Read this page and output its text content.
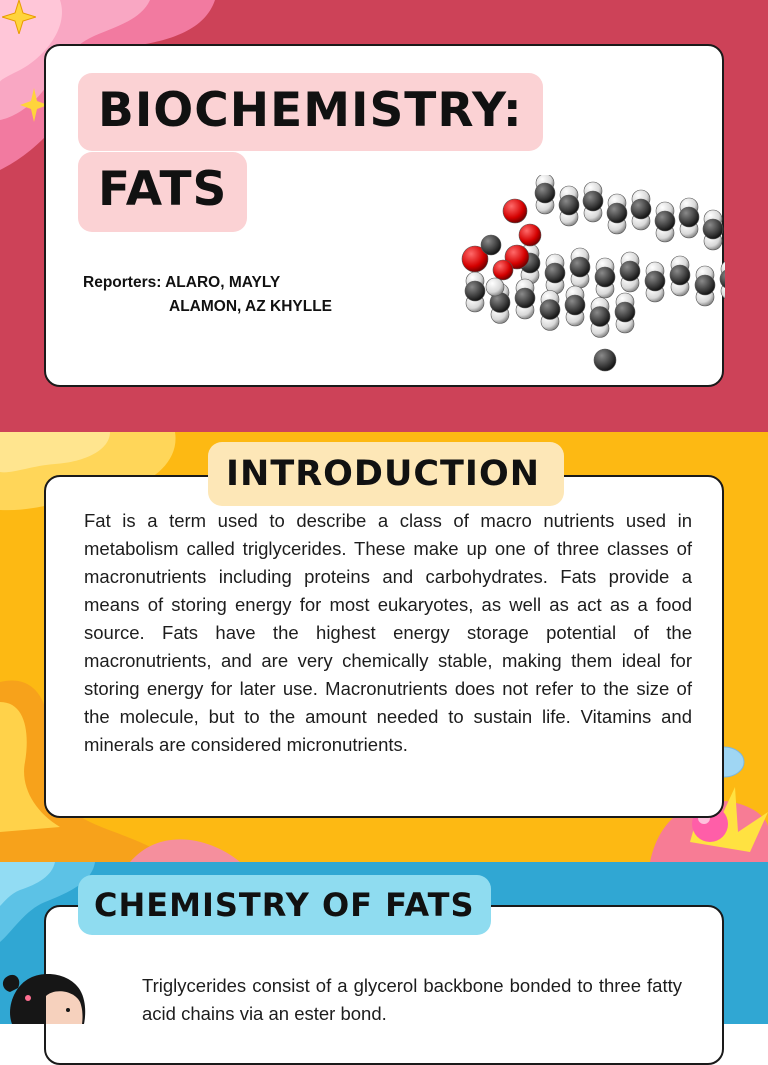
BIOCHEMISTRY:
FATS
Reporters: ALARO, MAYLY
ALAMON, AZ KHYLLE
INTRODUCTION

Fat is a term used to describe a class of macro nutrients used in metabolism called triglycerides. These make up one of three classes of macronutrients including proteins and carbohydrates. Fats provide a means of storing energy for most eukaryotes, as well as act as a food source. Fats have the highest energy storage potential of the macronutrients, and are very chemically stable, making them ideal for storing energy for later use. Macronutrients does not refer to the size of the molecule, but to the amount needed to sustain life. Vitamins and minerals are considered micronutrients.

CHEMISTRY OF FATS

Triglycerides consist of a glycerol backbone bonded to three fatty acid chains via an ester bond.
